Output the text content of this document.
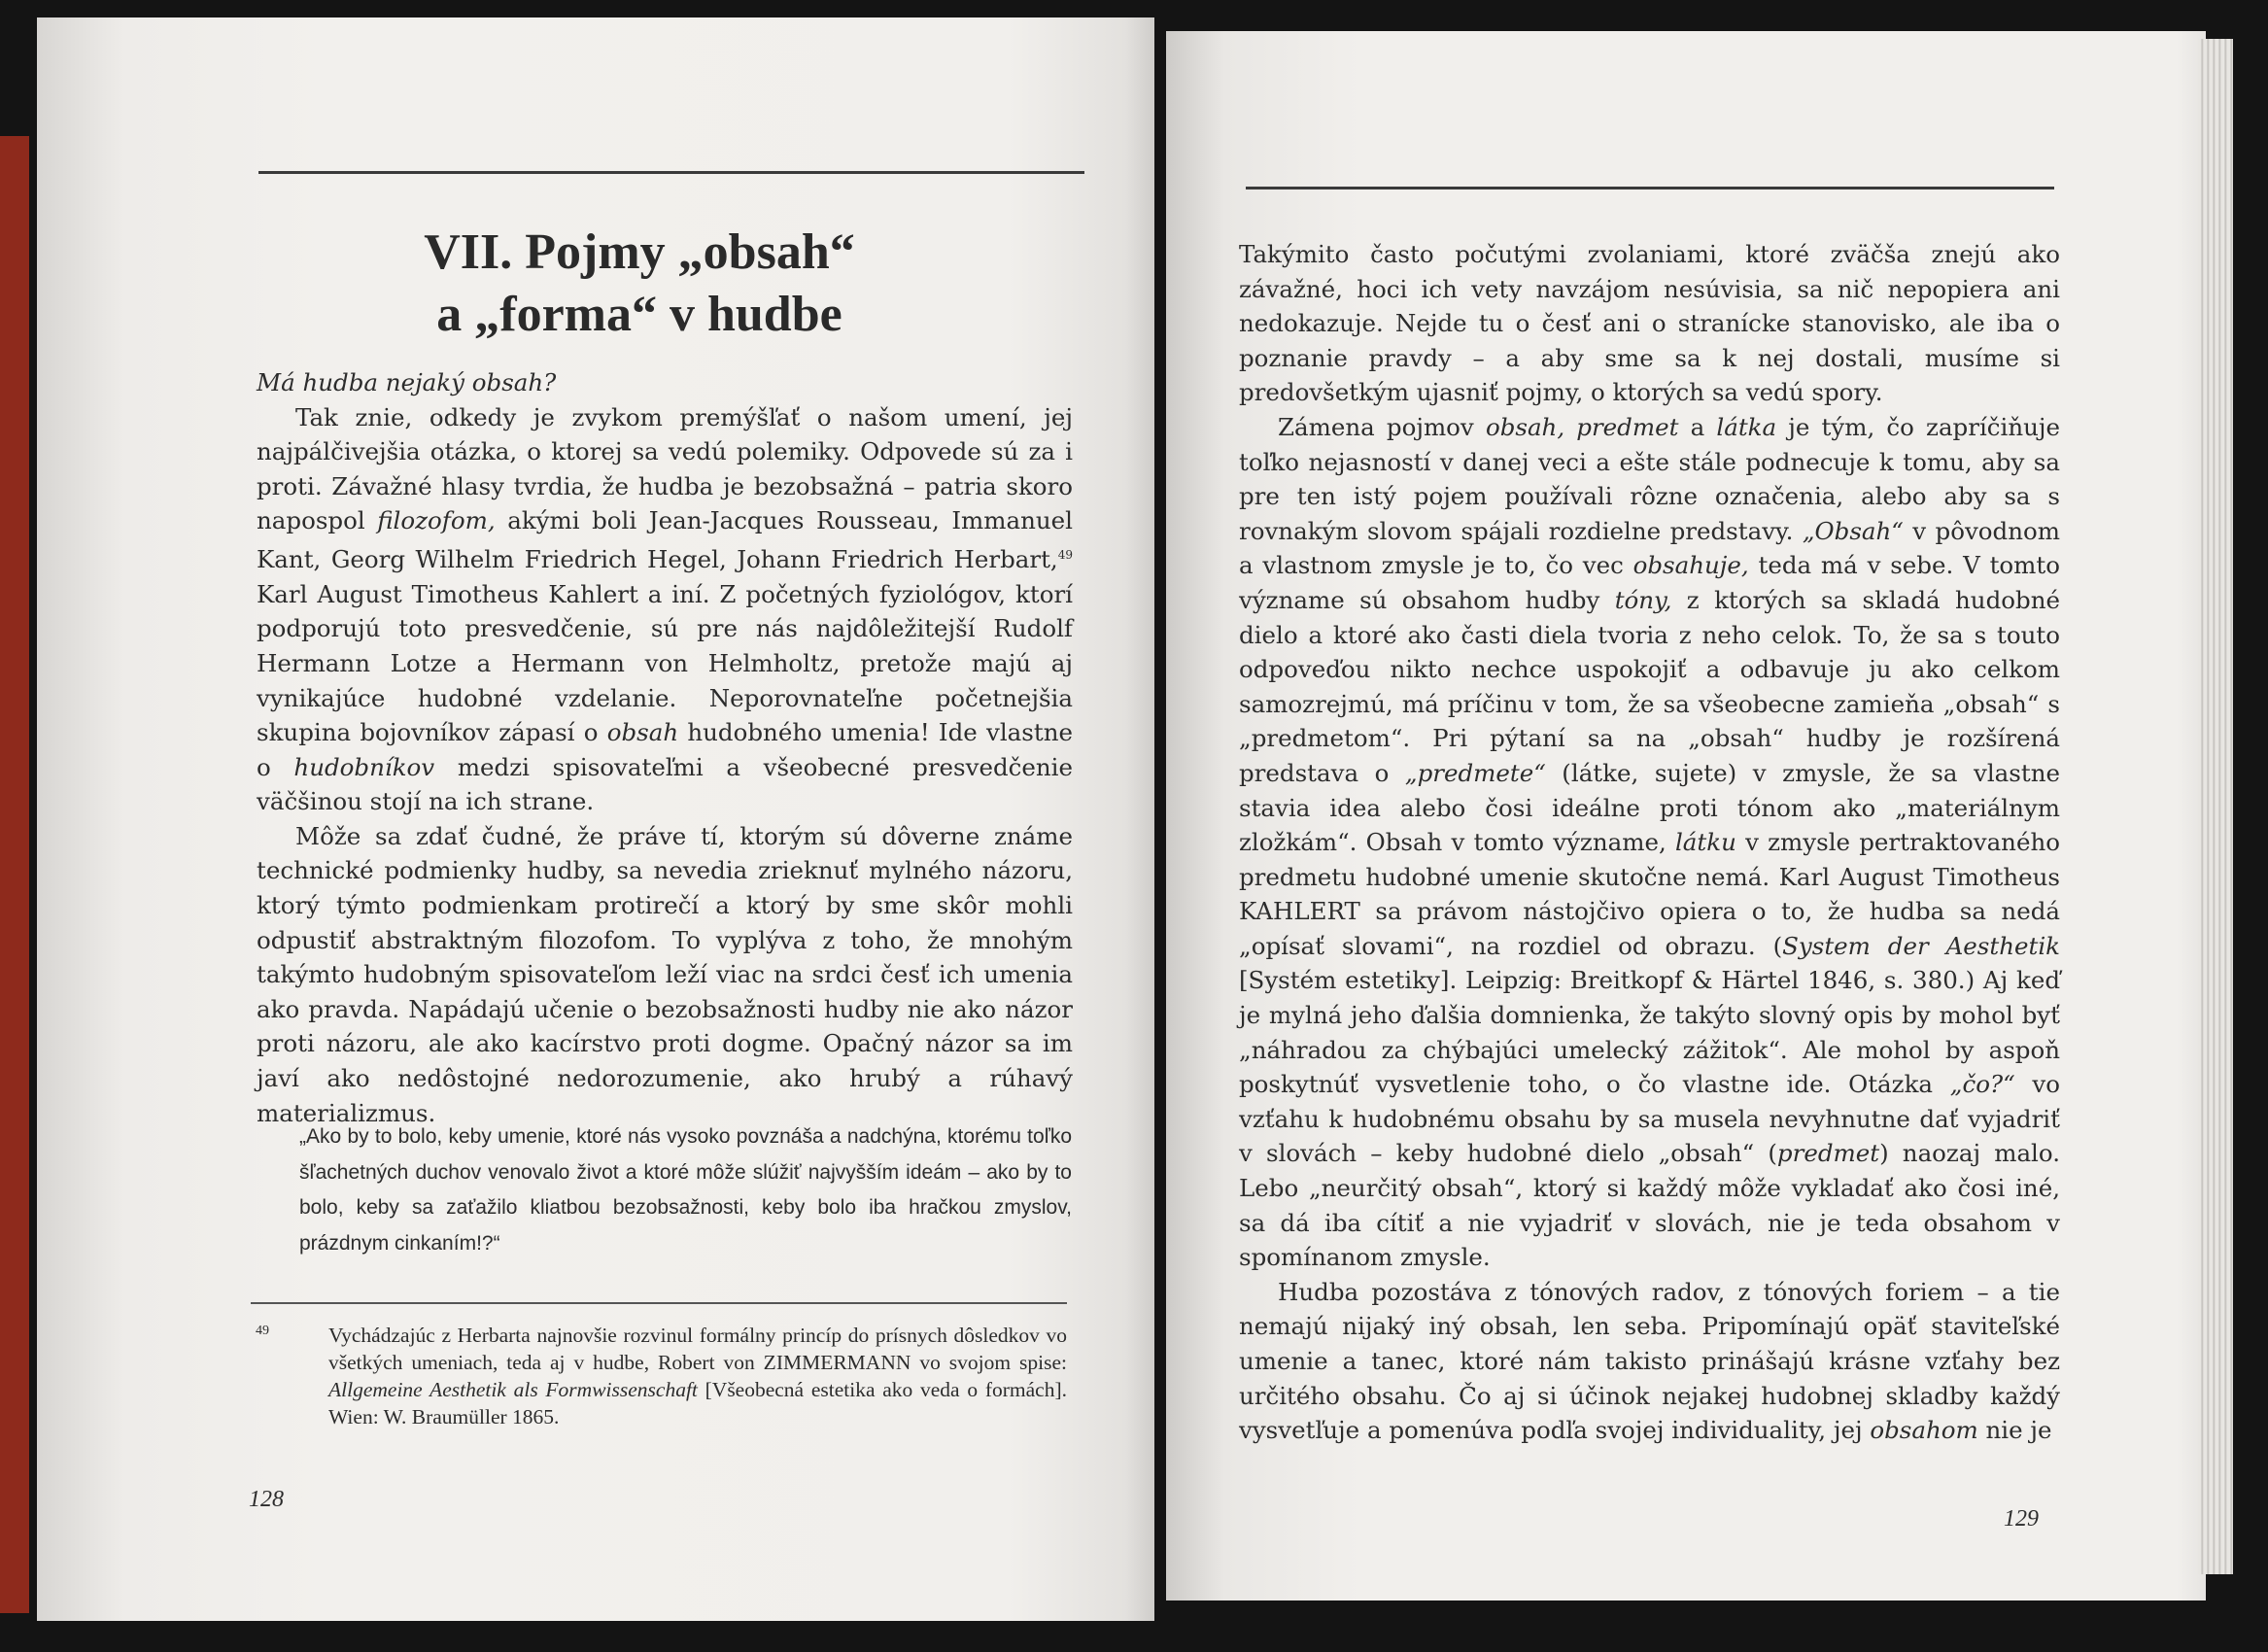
VII. Pojmy „obsah“
a „forma“ v hudbe

Má hudba nejaký obsah?

Tak znie, odkedy je zvykom premýšľať o našom umení, jej najpálčivejšia otázka, o ktorej sa vedú polemiky. Odpovede sú za i proti. Závažné hlasy tvrdia, že hudba je bezobsažná – patria skoro napospol filozofom, akými boli Jean-Jacques Rousseau, Immanuel Kant, Georg Wilhelm Friedrich Hegel, Johann Friedrich Herbart,$^{49}$ Karl August Timotheus Kahlert a iní. Z početných fyziológov, ktorí podporujú toto presvedčenie, sú pre nás najdôležitejší Rudolf Hermann Lotze a Hermann von Helmholtz, pretože majú aj vynikajúce hudobné vzdelanie. Neporovnateľne početnejšia skupina bojovníkov zápasí o obsah hudobného umenia! Ide vlastne o hudobníkov medzi spisovateľmi a všeobecné presvedčenie väčšinou stojí na ich strane.

Môže sa zdať čudné, že práve tí, ktorým sú dôverne známe technické podmienky hudby, sa nevedia zrieknuť mylného názoru, ktorý týmto podmienkam protirečí a ktorý by sme skôr mohli odpustiť abstraktným filozofom. To vyplýva z toho, že mnohým takýmto hudobným spisovateľom leží viac na srdci česť ich umenia ako pravda. Napádajú učenie o bezobsažnosti hudby nie ako názor proti názoru, ale ako kacírstvo proti dogme. Opačný názor sa im javí ako nedôstojné nedorozumenie, ako hrubý a rúhavý materializmus.

„Ako by to bolo, keby umenie, ktoré nás vysoko povznáša a nadchýna, ktorému toľko šľachetných duchov venovalo život a ktoré môže slúžiť najvyšším ideám – ako by to bolo, keby sa zaťažilo kliatbou bezobsažnosti, keby bolo iba hračkou zmyslov, prázdnym cinkaním!?“

49	Vychádzajúc z Herbarta najnovšie rozvinul formálny princíp do prísnych dôsledkov vo všetkých umeniach, teda aj v hudbe, Robert von ZIMMERMANN vo svojom spise: Allgemeine Aesthetik als Formwissenschaft [Všeobecná estetika ako veda o formách]. Wien: W. Braumüller 1865.
128

Takýmito často počutými zvolaniami, ktoré zväčša znejú ako závažné, hoci ich vety navzájom nesúvisia, sa nič nepopiera ani nedokazuje. Nejde tu o česť ani o stranícke stanovisko, ale iba o poznanie pravdy – a aby sme sa k nej dostali, musíme si predovšetkým ujasniť pojmy, o ktorých sa vedú spory.

Zámena pojmov obsah, predmet a látka je tým, čo zapríčiňuje toľko nejasností v danej veci a ešte stále podnecuje k tomu, aby sa pre ten istý pojem používali rôzne označenia, alebo aby sa s rovnakým slovom spájali rozdielne predstavy. „Obsah“ v pôvodnom a vlastnom zmysle je to, čo vec obsahuje, teda má v sebe. V tomto význame sú obsahom hudby tóny, z ktorých sa skladá hudobné dielo a ktoré ako časti diela tvoria z neho celok. To, že sa s touto odpoveďou nikto nechce uspokojiť a odbavuje ju ako celkom samozrejmú, má príčinu v tom, že sa všeobecne zamieňa „obsah“ s „predmetom“. Pri pýtaní sa na „obsah“ hudby je rozšírená predstava o „predmete“ (látke, sujete) v zmysle, že sa vlastne stavia idea alebo čosi ideálne proti tónom ako „materiálnym zložkám“. Obsah v tomto význame, látku v zmysle pertraktovaného predmetu hudobné umenie skutočne nemá. Karl August Timotheus KAHLERT sa právom nástojčivo opiera o to, že hudba sa nedá „opísať slovami“, na rozdiel od obrazu. (System der Aesthetik [Systém estetiky]. Leipzig: Breitkopf & Härtel 1846, s. 380.) Aj keď je mylná jeho ďalšia domnienka, že takýto slovný opis by mohol byť „náhradou za chýbajúci umelecký zážitok“. Ale mohol by aspoň poskytnúť vysvetlenie toho, o čo vlastne ide. Otázka „čo?“ vo vzťahu k hudobnému obsahu by sa musela nevyhnutne dať vyjadriť v slovách – keby hudobné dielo „obsah“ (predmet) naozaj malo. Lebo „neurčitý obsah“, ktorý si každý môže vykladať ako čosi iné, sa dá iba cítiť a nie vyjadriť v slovách, nie je teda obsahom v spomínanom zmysle.

Hudba pozostáva z tónových radov, z tónových foriem – a tie nemajú nijaký iný obsah, len seba. Pripomínajú opäť staviteľské umenie a tanec, ktoré nám takisto prinášajú krásne vzťahy bez určitého obsahu. Čo aj si účinok nejakej hudobnej skladby každý vysvetľuje a pomenúva podľa svojej individuality, jej obsahom nie je

129
